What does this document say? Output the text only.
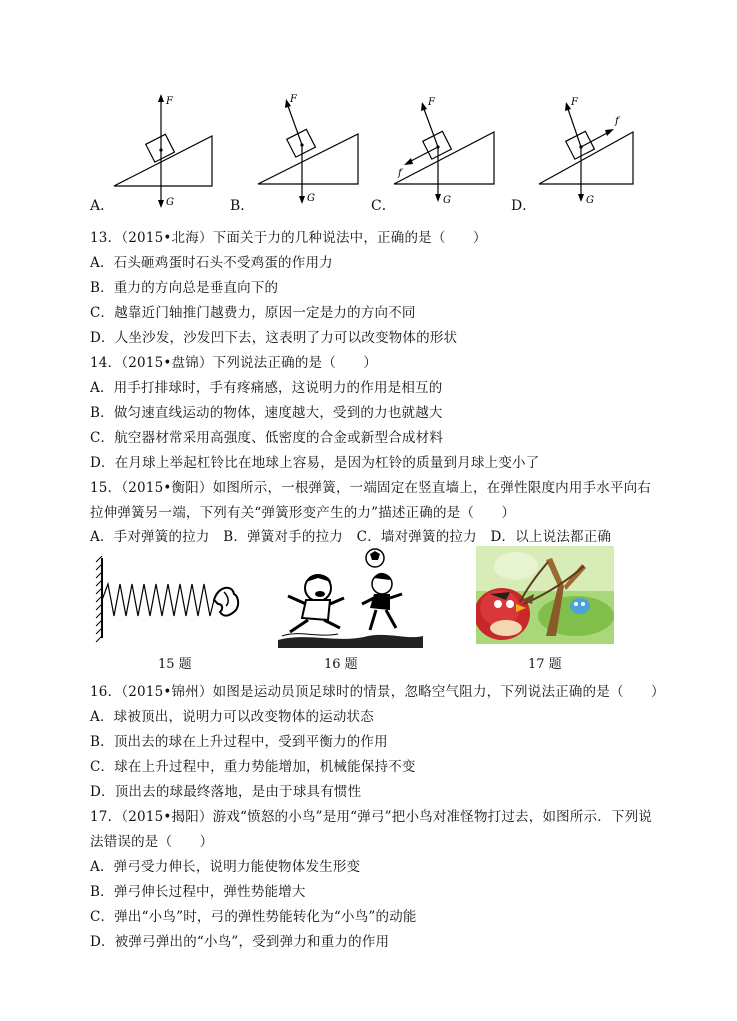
F
G
F
G
F
f
G
F
f
G
A．	B．	C．	D．
13．（2015•北海）下面关于力的几种说法中，正确的是（　　）
A．石头砸鸡蛋时石头不受鸡蛋的作用力
B．重力的方向总是垂直向下的
C．越靠近门轴推门越费力，原因一定是力的方向不同
D．人坐沙发，沙发凹下去，这表明了力可以改变物体的形状
14．（2015•盘锦）下列说法正确的是（　　）
A．用手打排球时，手有疼痛感，这说明力的作用是相互的
B．做匀速直线运动的物体，速度越大，受到的力也就越大
C．航空器材常采用高强度、低密度的合金或新型合成材料
D．在月球上举起杠铃比在地球上容易，是因为杠铃的质量到月球上变小了
15．（2015•衡阳）如图所示，一根弹簧，一端固定在竖直墙上，在弹性限度内用手水平向右
拉伸弹簧另一端，下列有关“弹簧形变产生的力”描述正确的是（　　）
A．手对弹簧的拉力　B．弹簧对手的拉力　C．墙对弹簧的拉力　D．以上说法都正确
15 题	16 题	17 题
16．（2015•锦州）如图是运动员顶足球时的情景，忽略空气阻力，下列说法正确的是（　　）
A．球被顶出，说明力可以改变物体的运动状态
B．顶出去的球在上升过程中，受到平衡力的作用
C．球在上升过程中，重力势能增加，机械能保持不变
D．顶出去的球最终落地，是由于球具有惯性
17．（2015•揭阳）游戏“愤怒的小鸟”是用“弹弓”把小鸟对准怪物打过去，如图所示．下列说
法错误的是（　　）
A．弹弓受力伸长，说明力能使物体发生形变
B．弹弓伸长过程中，弹性势能增大
C．弹出“小鸟”时，弓的弹性势能转化为“小鸟”的动能
D．被弹弓弹出的“小鸟”，受到弹力和重力的作用
